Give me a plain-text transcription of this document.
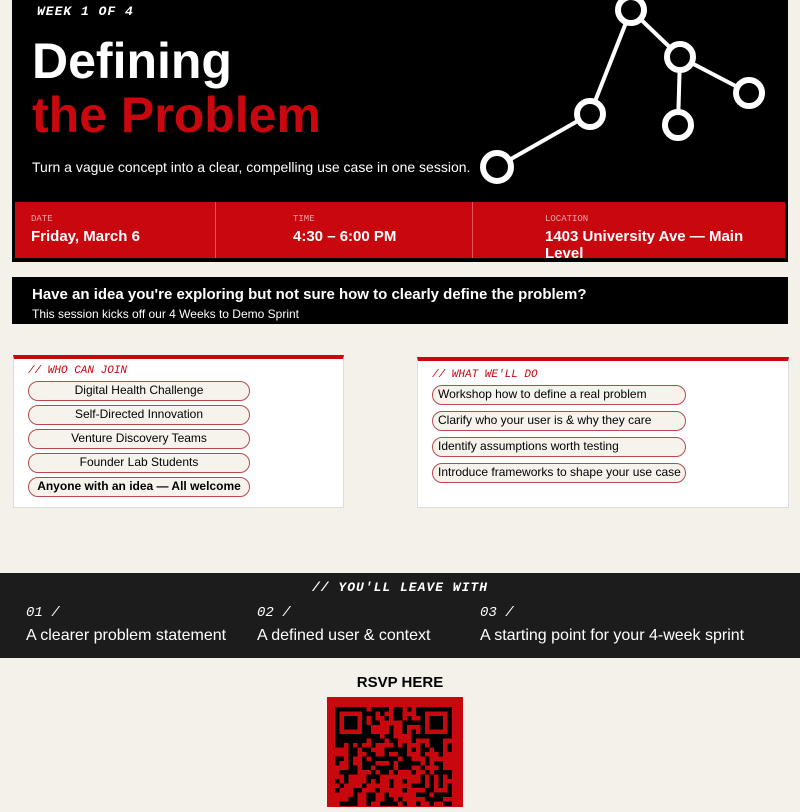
WEEK 1 OF 4
Defining
the Problem
Turn a vague concept into a clear, compelling use case in one session.
DATE
Friday, March 6
TIME
4:30 – 6:00 PM
LOCATION
1403 University Ave — Main Level
Have an idea you're exploring but not sure how to clearly define the problem?
This session kicks off our 4 Weeks to Demo Sprint
// WHO CAN JOIN
Digital Health Challenge
Self-Directed Innovation
Venture Discovery Teams
Founder Lab Students
Anyone with an idea — All welcome
// WHAT WE'LL DO
Workshop how to define a real problem
Clarify who your user is & why they care
Identify assumptions worth testing
Introduce frameworks to shape your use case
// YOU'LL LEAVE WITH
01 /
A clearer problem statement
02 /
A defined user & context
03 /
A starting point for your 4-week sprint
RSVP HERE
